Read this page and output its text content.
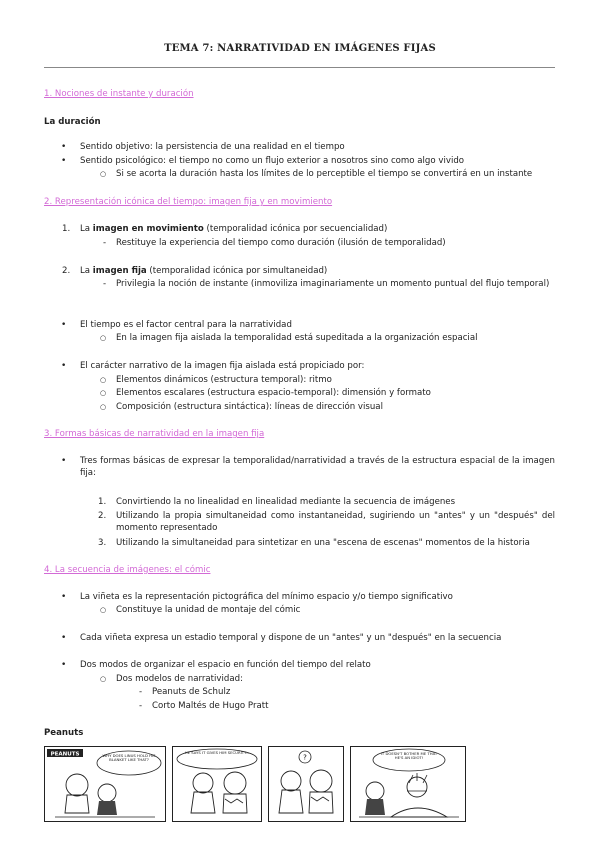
TEMA 7: NARRATIVIDAD EN IMÁGENES FIJAS
1. Nociones de instante y duración
La duración
• Sentido objetivo: la persistencia de una realidad en el tiempo
• Sentido psicológico: el tiempo no como un flujo exterior a nosotros sino como algo vivido
○ Si se acorta la duración hasta los límites de lo perceptible el tiempo se convertirá en un instante
2. Representación icónica del tiempo: imagen fija y en movimiento
1. La imagen en movimiento (temporalidad icónica por secuencialidad)
- Restituye la experiencia del tiempo como duración (ilusión de temporalidad)
2. La imagen fija (temporalidad icónica por simultaneidad)
- Privilegia la noción de instante (inmoviliza imaginariamente un momento puntual del flujo temporal)
• El tiempo es el factor central para la narratividad
○ En la imagen fija aislada la temporalidad está supeditada a la organización espacial
• El carácter narrativo de la imagen fija aislada está propiciado por:
○ Elementos dinámicos (estructura temporal): ritmo
○ Elementos escalares (estructura espacio-temporal): dimensión y formato
○ Composición (estructura sintáctica): líneas de dirección visual
3. Formas básicas de narratividad en la imagen fija
• Tres formas básicas de expresar la temporalidad/narratividad a través de la estructura espacial de la imagen fija:
1. Convirtiendo la no linealidad en linealidad mediante la secuencia de imágenes
2. Utilizando la propia simultaneidad como instantaneidad, sugiriendo un "antes" y un "después" del momento representado
3. Utilizando la simultaneidad para sintetizar en una "escena de escenas" momentos de la historia
4. La secuencia de imágenes: el cómic
• La viñeta es la representación pictográfica del mínimo espacio y/o tiempo significativo
○ Constituye la unidad de montaje del cómic
• Cada viñeta expresa un estadio temporal y dispone de un "antes" y un "después" en la secuencia
• Dos modos de organizar el espacio en función del tiempo del relato
○ Dos modelos de narratividad:
- Peanuts de Schulz
- Corto Maltés de Hugo Pratt
Peanuts
PEANUTS	WHY DOES LINUS HOLD HIS BLANKET LIKE THAT?
HE SAYS IT GIVES HIM SECURITY...
?	IT DOESN'T BOTHER ME THAT HE'S AN IDIOT!
